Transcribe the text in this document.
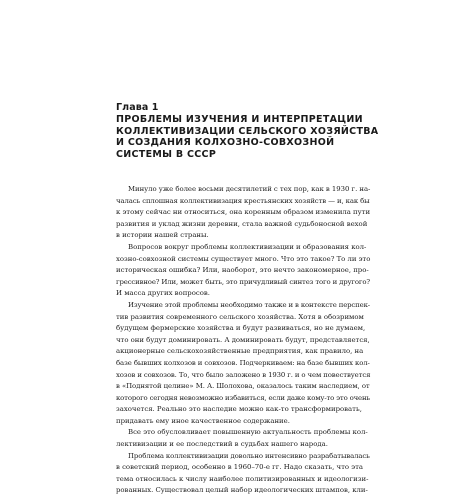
Глава 1
ПРОБЛЕМЫ ИЗУЧЕНИЯ И ИНТЕРПРЕТАЦИИ
КОЛЛЕКТИВИЗАЦИИ СЕЛЬСКОГО ХОЗЯЙСТВА
И СОЗДАНИЯ КОЛХОЗНО-СОВХОЗНОЙ
СИСТЕМЫ В СССР
Минуло уже более восьми десятилетий с тех пор, как в 1930 г. на-
чалась сплошная коллективизация крестьянских хозяйств — и, как бы
к этому сейчас ни относиться, она коренным образом изменила пути
развития и уклад жизни деревни, стала важной судьбоносной вехой
в истории нашей страны.
Вопросов вокруг проблемы коллективизации и образования кол-
хозно-совхозной системы существует много. Что это такое? То ли это
историческая ошибка? Или, наоборот, это нечто закономерное, про-
грессивное? Или, может быть, это причудливый синтез того и другого?
И масса других вопросов.
Изучение этой проблемы необходимо также и в контексте перспек-
тив развития современного сельского хозяйства. Хотя в обозримом
будущем фермерские хозяйства и будут развиваться, но не думаем,
что они будут доминировать. А доминировать будут, представляется,
акционерные сельскохозяйственные предприятия, как правило, на
базе бывших колхозов и совхозов. Подчеркиваем: на базе бывших кол-
хозов и совхозов. То, что было заложено в 1930 г. и о чем повествуется
в «Поднятой целине» М. А. Шолохова, оказалось таким наследием, от
которого сегодня невозможно избавиться, если даже кому-то это очень
захочется. Реально это наследие можно как-то трансформировать,
придавать ему иное качественное содержание.
Все это обусловливает повышенную актуальность проблемы кол-
лективизации и ее последствий в судьбах нашего народа.
Проблема коллективизации довольно интенсивно разрабатывалась
в советский период, особенно в 1960–70-е гг. Надо сказать, что эта
тема относилась к числу наиболее политизированных и идеологизи-
рованных. Существовал целый набор идеологических штампов, кли-
